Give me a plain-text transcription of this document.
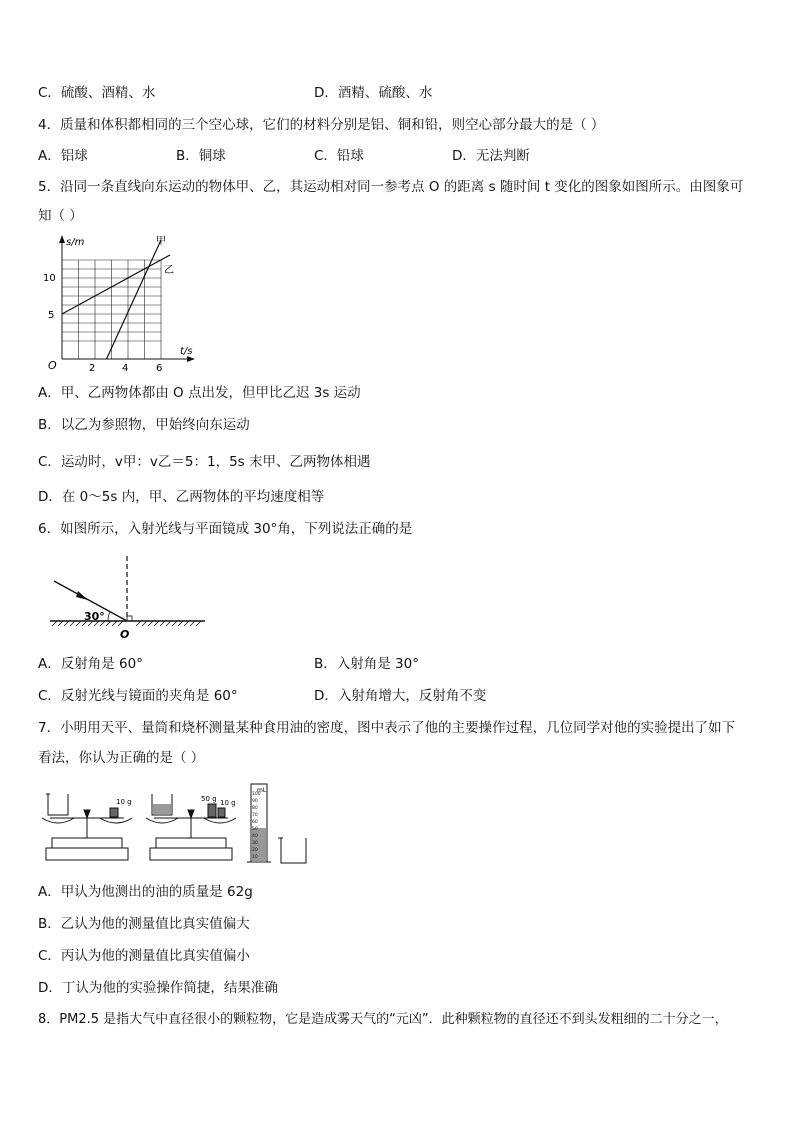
C．硫酸、酒精、水	D．酒精、硫酸、水
4．质量和体积都相同的三个空心球，它们的材料分别是铝、铜和铅，则空心部分最大的是（ ）
A．铝球	B．铜球	C．铅球	D．无法判断
5．沿同一条直线向东运动的物体甲、乙，其运动相对同一参考点 O 的距离 s 随时间 t 变化的图象如图所示。由图象可
知（ ）
s/m
t/s
O	2	4	6
5
10
甲
乙
A．甲、乙两物体都由 O 点出发，但甲比乙迟 3s 运动
B．以乙为参照物，甲始终向东运动
C．运动时，v甲：v乙＝5：1，5s 末甲、乙两物体相遇
D．在 0～5s 内，甲、乙两物体的平均速度相等
6．如图所示，入射光线与平面镜成 30°角，下列说法正确的是
30°
O
A．反射角是 60°	B．入射角是 30°
C．反射光线与镜面的夹角是 60°	D．入射角增大，反射角不变
7．小明用天平、量筒和烧杯测量某种食用油的密度，图中表示了他的主要操作过程，几位同学对他的实验提出了如下
看法，你认为正确的是（ ）
10 g	50 g 10 g
mL
100
90
80
70
60
50
40
30
20
10
A．甲认为他测出的油的质量是 62g
B．乙认为他的测量值比真实值偏大
C．丙认为他的测量值比真实值偏小
D．丁认为他的实验操作简捷，结果准确
8．PM2.5 是指大气中直径很小的颗粒物，它是造成雾天气的“元凶”．此种颗粒物的直径还不到头发粗细的二十分之一，
